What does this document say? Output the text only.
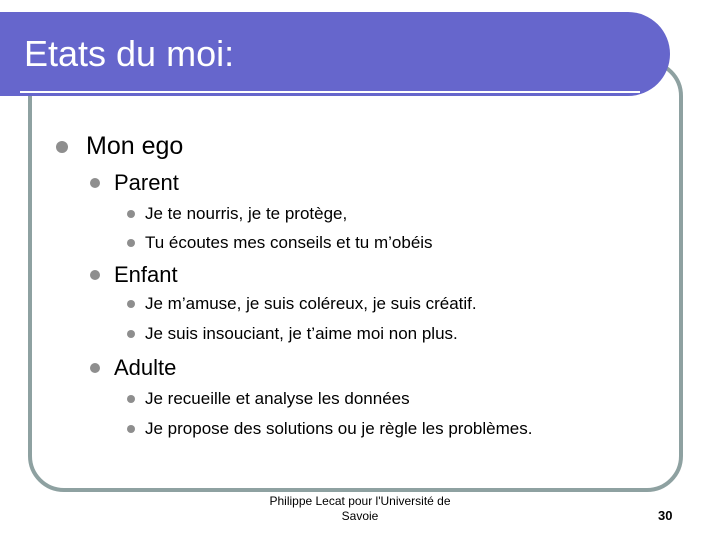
Etats du moi:
Mon ego
Parent
Je te nourris, je te protège,
Tu écoutes mes conseils et tu m’obéis
Enfant
Je m’amuse, je suis coléreux, je suis créatif.
Je suis insouciant, je t’aime moi non plus.
Adulte
Je recueille et analyse les données
Je propose des solutions ou je règle les problèmes.
Philippe Lecat pour l'Université de
Savoie	30
